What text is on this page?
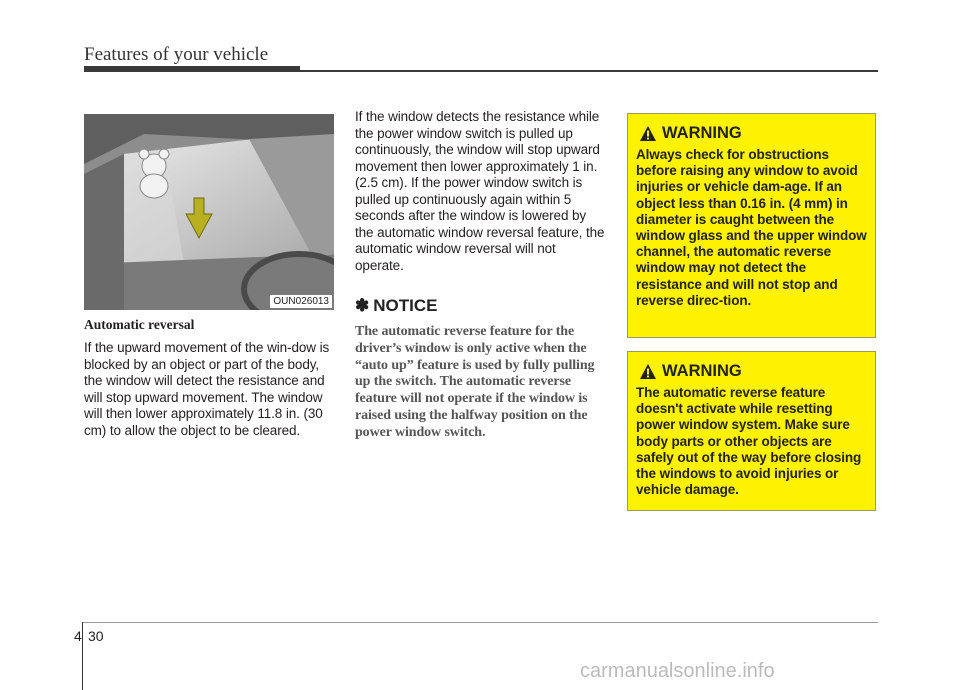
Features of your vehicle
OUN026013

Automatic reversal

If the upward movement of the win-dow is blocked by an object or part of the body, the window will detect the resistance and will stop upward movement. The window will then lower approximately 11.8 in. (30 cm) to allow the object to be cleared.

If the window detects the resistance while the power window switch is pulled up continuously, the window will stop upward movement then lower approximately 1 in. (2.5 cm). If the power window switch is pulled up continuously again within 5 seconds after the window is lowered by the automatic window reversal feature, the automatic window reversal will not operate.

✽ NOTICE

The automatic reverse feature for the driver’s window is only active when the “auto up” feature is used by fully pulling up the switch. The automatic reverse feature will not operate if the window is raised using the halfway position on the power window switch.

WARNING

Always check for obstructions before raising any window to avoid injuries or vehicle dam-age. If an object less than 0.16 in. (4 mm) in diameter is caught between the window glass and the upper window channel, the automatic reverse window may not detect the resistance and will not stop and reverse direc-tion.

WARNING

The automatic reverse feature doesn't activate while resetting power window system. Make sure body parts or other objects are safely out of the way before closing the windows to avoid injuries or vehicle damage.

4 30
carmanualsonline.info
